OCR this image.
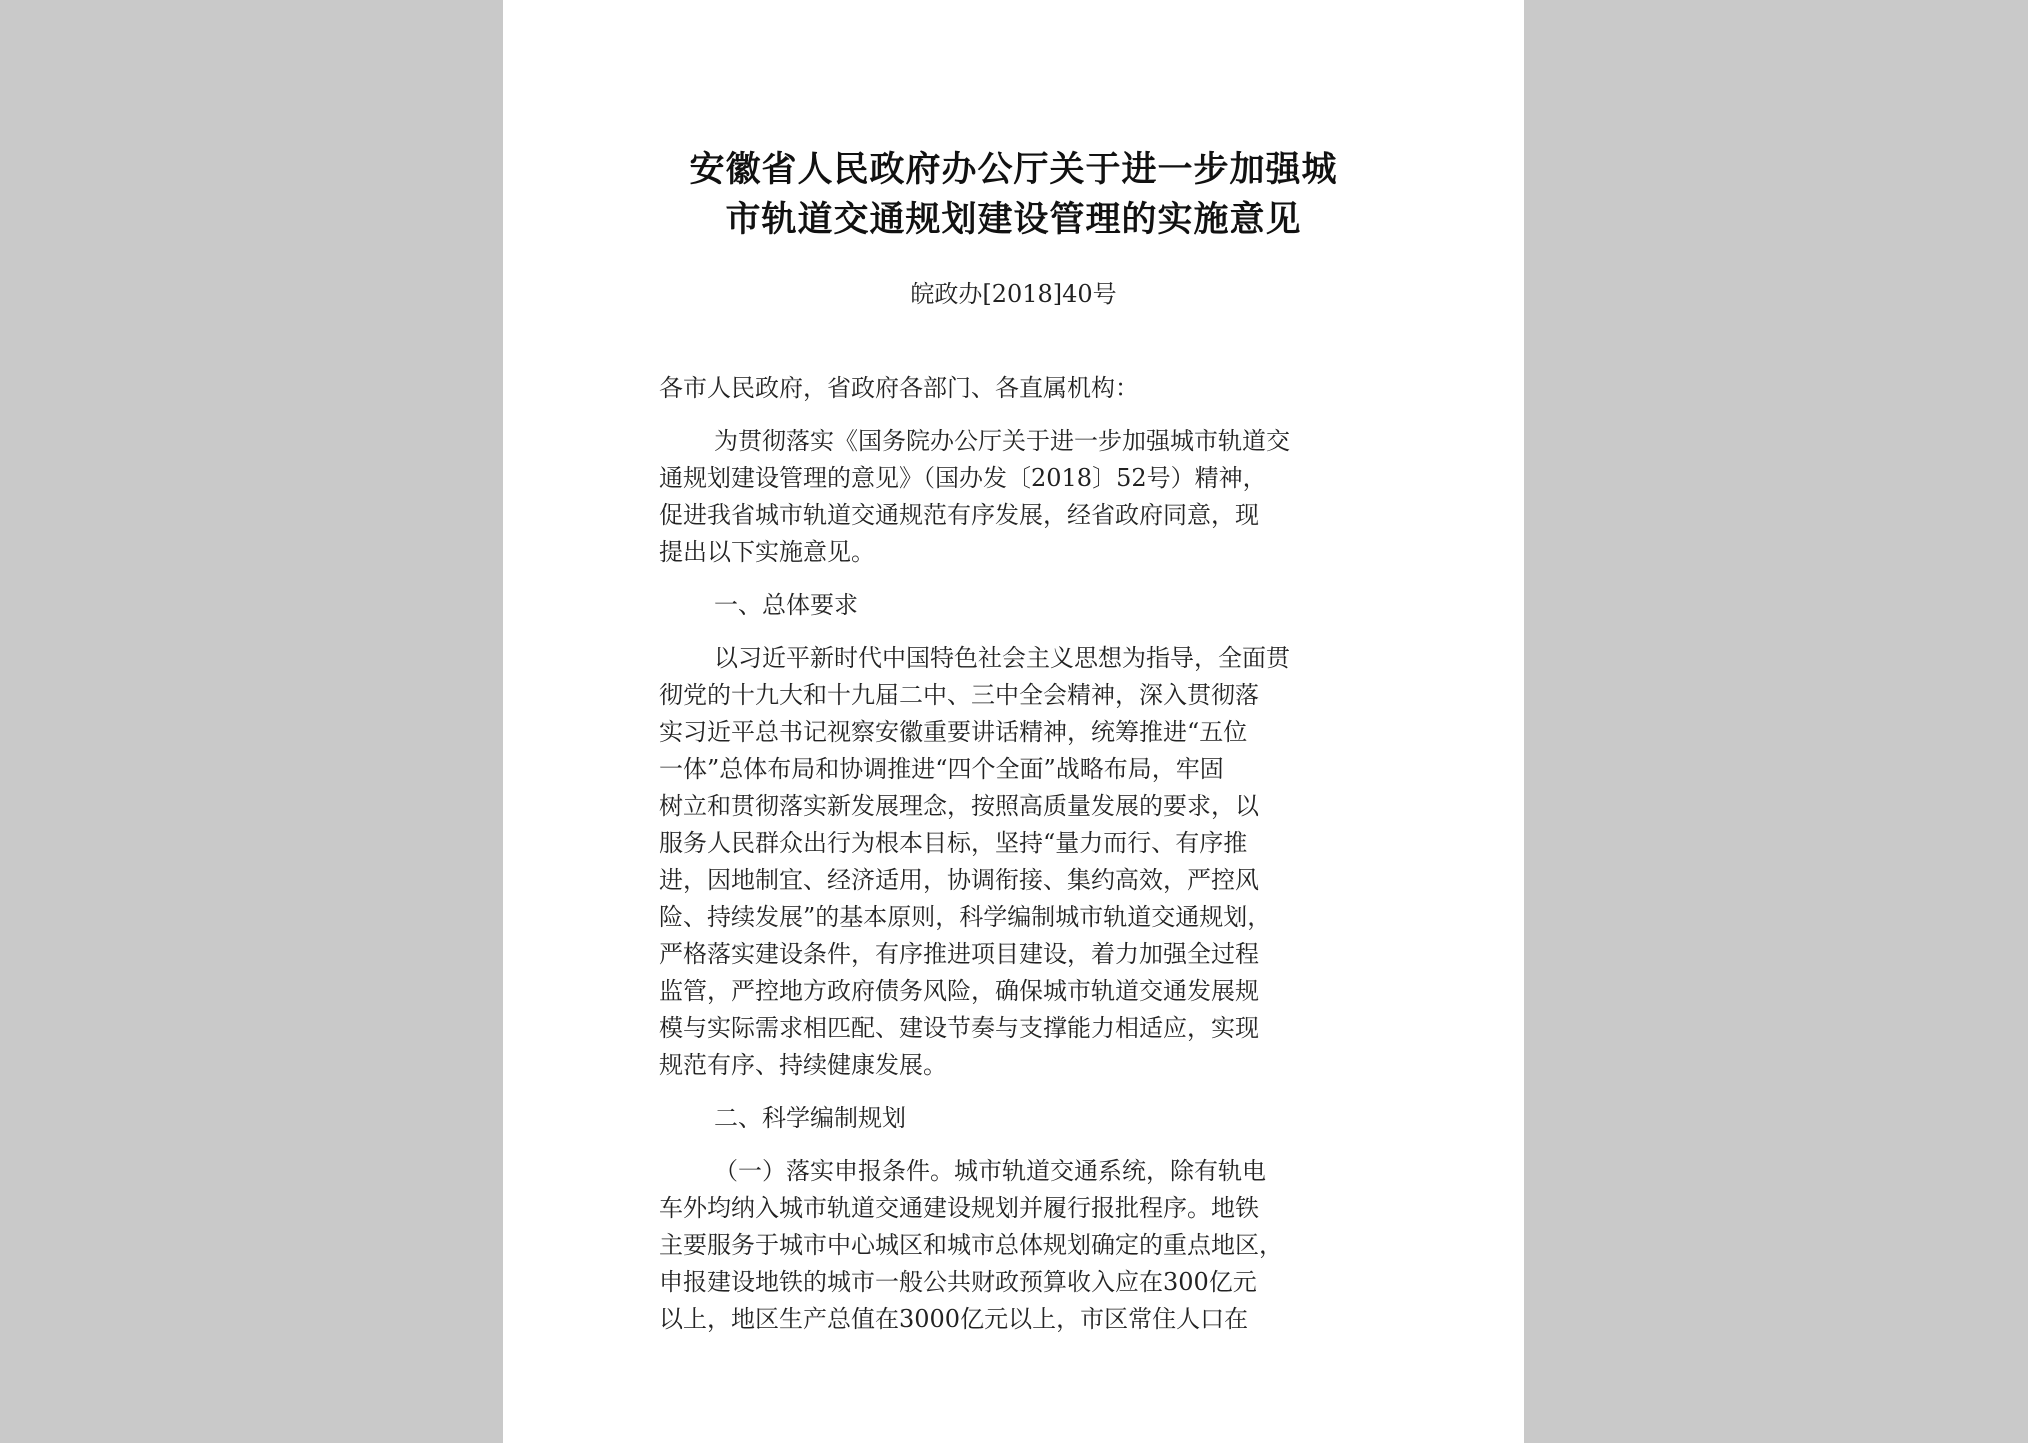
安徽省人民政府办公厅关于进一步加强城
市轨道交通规划建设管理的实施意见
皖政办[2018]40号
各市人民政府，省政府各部门、各直属机构：
为贯彻落实《国务院办公厅关于进一步加强城市轨道交
通规划建设管理的意见》（国办发〔2018〕52号）精神，
促进我省城市轨道交通规范有序发展，经省政府同意，现
提出以下实施意见。
一、总体要求
以习近平新时代中国特色社会主义思想为指导，全面贯
彻党的十九大和十九届二中、三中全会精神，深入贯彻落
实习近平总书记视察安徽重要讲话精神，统筹推进“五位
一体”总体布局和协调推进“四个全面”战略布局，牢固
树立和贯彻落实新发展理念，按照高质量发展的要求，以
服务人民群众出行为根本目标，坚持“量力而行、有序推
进，因地制宜、经济适用，协调衔接、集约高效，严控风
险、持续发展”的基本原则，科学编制城市轨道交通规划，
严格落实建设条件，有序推进项目建设，着力加强全过程
监管，严控地方政府债务风险，确保城市轨道交通发展规
模与实际需求相匹配、建设节奏与支撑能力相适应，实现
规范有序、持续健康发展。
二、科学编制规划
（一）落实申报条件。城市轨道交通系统，除有轨电
车外均纳入城市轨道交通建设规划并履行报批程序。地铁
主要服务于城市中心城区和城市总体规划确定的重点地区，
申报建设地铁的城市一般公共财政预算收入应在300亿元
以上，地区生产总值在3000亿元以上，市区常住人口在
